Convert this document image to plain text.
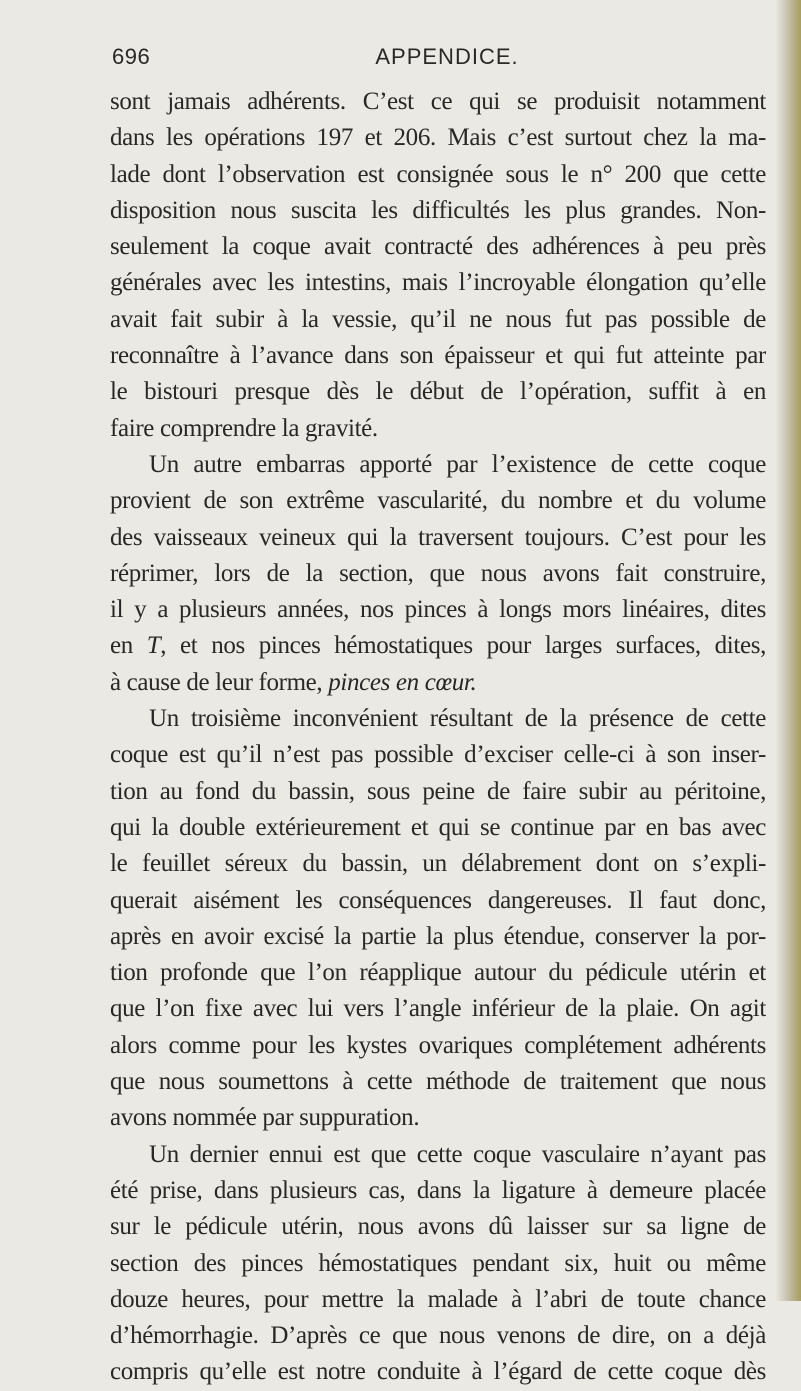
696	APPENDICE.
sont jamais adhérents. C’est ce qui se produisit notamment
dans les opérations 197 et 206. Mais c’est surtout chez la ma-
lade dont l’observation est consignée sous le n° 200 que cette
disposition nous suscita les difficultés les plus grandes. Non-
seulement la coque avait contracté des adhérences à peu près
générales avec les intestins, mais l’incroyable élongation qu’elle
avait fait subir à la vessie, qu’il ne nous fut pas possible de
reconnaître à l’avance dans son épaisseur et qui fut atteinte par
le bistouri presque dès le début de l’opération, suffit à en
faire comprendre la gravité.
Un autre embarras apporté par l’existence de cette coque
provient de son extrême vascularité, du nombre et du volume
des vaisseaux veineux qui la traversent toujours. C’est pour les
réprimer, lors de la section, que nous avons fait construire,
il y a plusieurs années, nos pinces à longs mors linéaires, dites
en T, et nos pinces hémostatiques pour larges surfaces, dites,
à cause de leur forme, pinces en cœur.
Un troisième inconvénient résultant de la présence de cette
coque est qu’il n’est pas possible d’exciser celle-ci à son inser-
tion au fond du bassin, sous peine de faire subir au péritoine,
qui la double extérieurement et qui se continue par en bas avec
le feuillet séreux du bassin, un délabrement dont on s’expli-
querait aisément les conséquences dangereuses. Il faut donc,
après en avoir excisé la partie la plus étendue, conserver la por-
tion profonde que l’on réapplique autour du pédicule utérin et
que l’on fixe avec lui vers l’angle inférieur de la plaie. On agit
alors comme pour les kystes ovariques complétement adhérents
que nous soumettons à cette méthode de traitement que nous
avons nommée par suppuration.
Un dernier ennui est que cette coque vasculaire n’ayant pas
été prise, dans plusieurs cas, dans la ligature à demeure placée
sur le pédicule utérin, nous avons dû laisser sur sa ligne de
section des pinces hémostatiques pendant six, huit ou même
douze heures, pour mettre la malade à l’abri de toute chance
d’hémorrhagie. D’après ce que nous venons de dire, on a déjà
compris qu’elle est notre conduite à l’égard de cette coque dès
